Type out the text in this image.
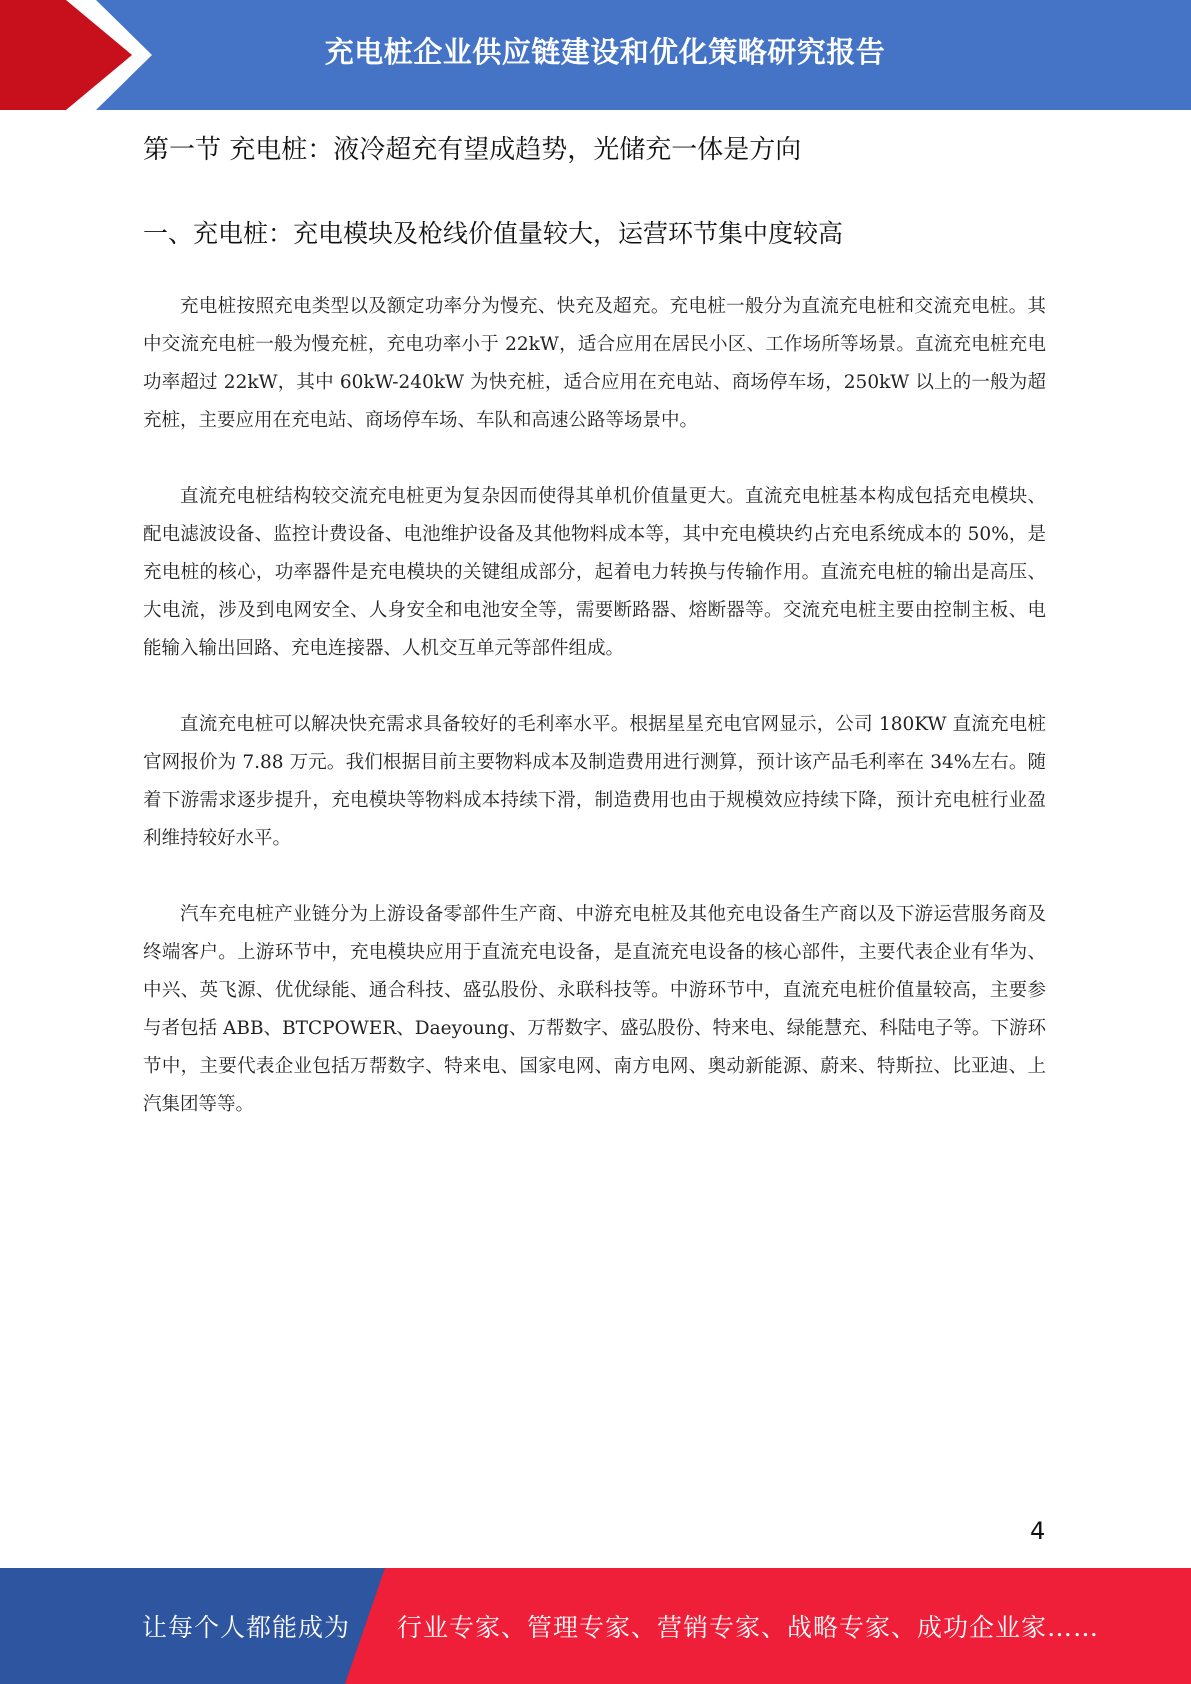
充电桩企业供应链建设和优化策略研究报告
第一节 充电桩：液冷超充有望成趋势，光储充一体是方向
一、充电桩：充电模块及枪线价值量较大，运营环节集中度较高

充电桩按照充电类型以及额定功率分为慢充、快充及超充。充电桩一般分为直流充电桩和交流充电桩。其中交流充电桩一般为慢充桩，充电功率小于 22kW，适合应用在居民小区、工作场所等场景。直流充电桩充电功率超过 22kW，其中 60kW-240kW 为快充桩，适合应用在充电站、商场停车场，250kW 以上的一般为超充桩，主要应用在充电站、商场停车场、车队和高速公路等场景中。

直流充电桩结构较交流充电桩更为复杂因而使得其单机价值量更大。直流充电桩基本构成包括充电模块、配电滤波设备、监控计费设备、电池维护设备及其他物料成本等，其中充电模块约占充电系统成本的 50%，是充电桩的核心，功率器件是充电模块的关键组成部分，起着电力转换与传输作用。直流充电桩的输出是高压、大电流，涉及到电网安全、人身安全和电池安全等，需要断路器、熔断器等。交流充电桩主要由控制主板、电能输入输出回路、充电连接器、人机交互单元等部件组成。

直流充电桩可以解决快充需求具备较好的毛利率水平。根据星星充电官网显示，公司 180KW 直流充电桩官网报价为 7.88 万元。我们根据目前主要物料成本及制造费用进行测算，预计该产品毛利率在 34%左右。随着下游需求逐步提升，充电模块等物料成本持续下滑，制造费用也由于规模效应持续下降，预计充电桩行业盈利维持较好水平。

汽车充电桩产业链分为上游设备零部件生产商、中游充电桩及其他充电设备生产商以及下游运营服务商及终端客户。上游环节中，充电模块应用于直流充电设备，是直流充电设备的核心部件，主要代表企业有华为、中兴、英飞源、优优绿能、通合科技、盛弘股份、永联科技等。中游环节中，直流充电桩价值量较高，主要参与者包括 ABB、BTCPOWER、Daeyoung、万帮数字、盛弘股份、特来电、绿能慧充、科陆电子等。下游环节中，主要代表企业包括万帮数字、特来电、国家电网、南方电网、奥动新能源、蔚来、特斯拉、比亚迪、上汽集团等等。

4
让每个人都能成为 行业专家、管理专家、营销专家、战略专家、成功企业家……
